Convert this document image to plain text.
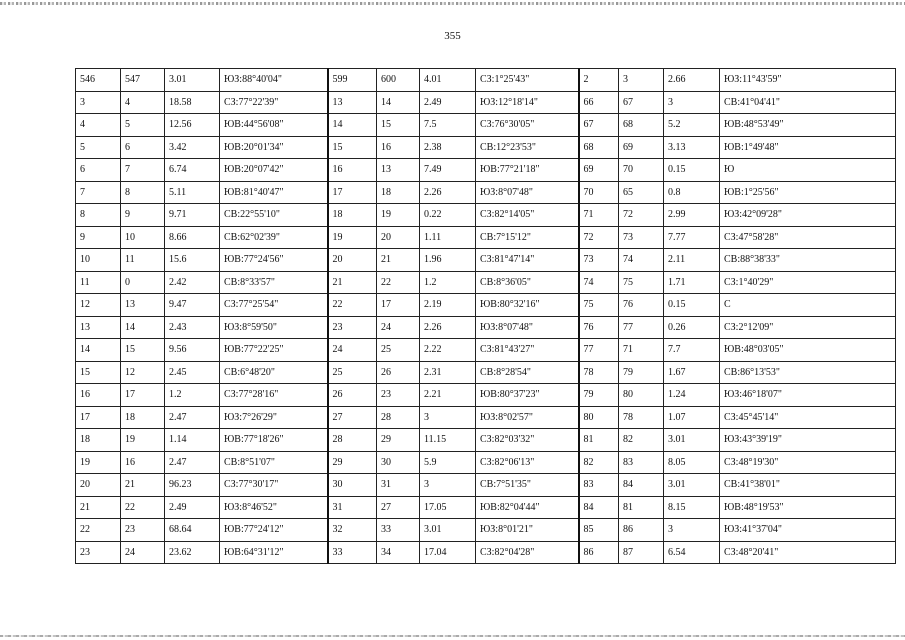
355
546	547	3.01	ЮЗ:88°40'04"	599	600	4.01	СЗ:1°25'43"	2	3	2.66	ЮЗ:11°43'59"
3	4	18.58	СЗ:77°22'39"	13	14	2.49	ЮЗ:12°18'14"	66	67	3	СВ:41°04'41"
4	5	12.56	ЮВ:44°56'08"	14	15	7.5	СЗ:76°30'05"	67	68	5.2	ЮВ:48°53'49"
5	6	3.42	ЮВ:20°01'34"	15	16	2.38	СВ:12°23'53"	68	69	3.13	ЮВ:1°49'48"
6	7	6.74	ЮВ:20°07'42"	16	13	7.49	ЮВ:77°21'18"	69	70	0.15	Ю
7	8	5.11	ЮВ:81°40'47"	17	18	2.26	ЮЗ:8°07'48"	70	65	0.8	ЮВ:1°25'56"
8	9	9.71	СВ:22°55'10"	18	19	0.22	СЗ:82°14'05"	71	72	2.99	ЮЗ:42°09'28"
9	10	8.66	СВ:62°02'39"	19	20	1.11	СВ:7°15'12"	72	73	7.77	СЗ:47°58'28"
10	11	15.6	ЮВ:77°24'56"	20	21	1.96	СЗ:81°47'14"	73	74	2.11	СВ:88°38'33"
11	0	2.42	СВ:8°33'57"	21	22	1.2	СВ:8°36'05"	74	75	1.71	СЗ:1°40'29"
12	13	9.47	СЗ:77°25'54"	22	17	2.19	ЮВ:80°32'16"	75	76	0.15	С
13	14	2.43	ЮЗ:8°59'50"	23	24	2.26	ЮЗ:8°07'48"	76	77	0.26	СЗ:2°12'09"
14	15	9.56	ЮВ:77°22'25"	24	25	2.22	СЗ:81°43'27"	77	71	7.7	ЮВ:48°03'05"
15	12	2.45	СВ:6°48'20"	25	26	2.31	СВ:8°28'54"	78	79	1.67	СВ:86°13'53"
16	17	1.2	СЗ:77°28'16"	26	23	2.21	ЮВ:80°37'23"	79	80	1.24	ЮЗ:46°18'07"
17	18	2.47	ЮЗ:7°26'29"	27	28	3	ЮЗ:8°02'57"	80	78	1.07	СЗ:45°45'14"
18	19	1.14	ЮВ:77°18'26"	28	29	11.15	СЗ:82°03'32"	81	82	3.01	ЮЗ:43°39'19"
19	16	2.47	СВ:8°51'07"	29	30	5.9	СЗ:82°06'13"	82	83	8.05	СЗ:48°19'30"
20	21	96.23	СЗ:77°30'17"	30	31	3	СВ:7°51'35"	83	84	3.01	СВ:41°38'01"
21	22	2.49	ЮЗ:8°46'52"	31	27	17.05	ЮВ:82°04'44"	84	81	8.15	ЮВ:48°19'53"
22	23	68.64	ЮВ:77°24'12"	32	33	3.01	ЮЗ:8°01'21"	85	86	3	ЮЗ:41°37'04"
23	24	23.62	ЮВ:64°31'12"	33	34	17.04	СЗ:82°04'28"	86	87	6.54	СЗ:48°20'41"
